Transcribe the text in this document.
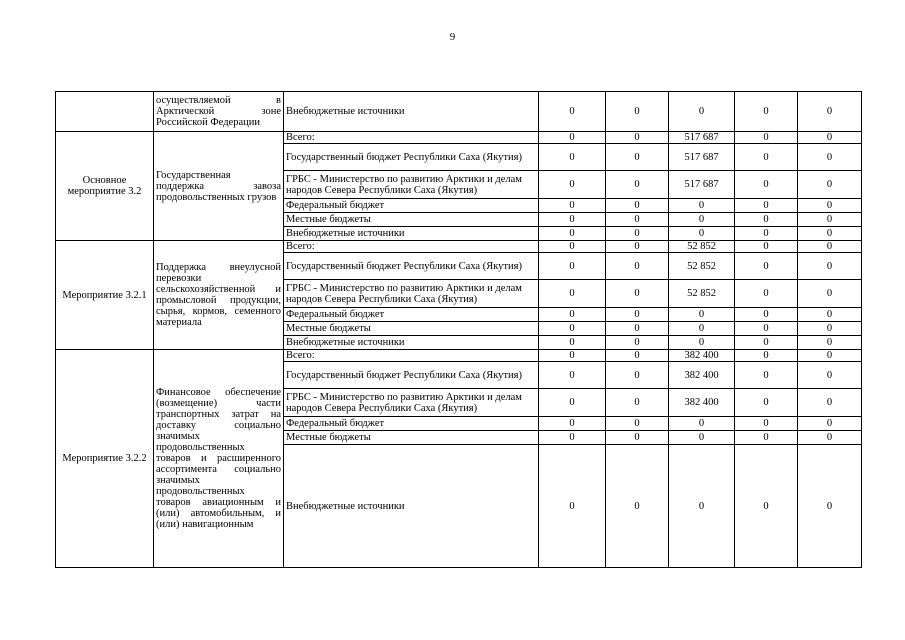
9
	осуществляемой в Арктической зоне Российской Федерации	Внебюджетные источники	0	0	0	0	0
Основное мероприятие 3.2	Государственная поддержка завоза продовольственных грузов	Всего:	0	0	517 687	0	0
		Государственный бюджет Республики Саха (Якутия)	0	0	517 687	0	0
		ГРБС - Министерство по развитию Арктики и делам народов Севера Республики Саха (Якутия)	0	0	517 687	0	0
		Федеральный бюджет	0	0	0	0	0
		Местные бюджеты	0	0	0	0	0
		Внебюджетные источники	0	0	0	0	0
Мероприятие 3.2.1	Поддержка внеулусной перевозки сельскохозяйственной и промысловой продукции, сырья, кормов, семенного материала	Всего:	0	0	52 852	0	0
		Государственный бюджет Республики Саха (Якутия)	0	0	52 852	0	0
		ГРБС - Министерство по развитию Арктики и делам народов Севера Республики Саха (Якутия)	0	0	52 852	0	0
		Федеральный бюджет	0	0	0	0	0
		Местные бюджеты	0	0	0	0	0
		Внебюджетные источники	0	0	0	0	0
Мероприятие 3.2.2	Финансовое обеспечение (возмещение) части транспортных затрат на доставку социально значимых продовольственных товаров и расширенного ассортимента социально значимых продовольственных товаров авиационным и (или) автомобильным, и (или) навигационным	Всего:	0	0	382 400	0	0
		Государственный бюджет Республики Саха (Якутия)	0	0	382 400	0	0
		ГРБС - Министерство по развитию Арктики и делам народов Севера Республики Саха (Якутия)	0	0	382 400	0	0
		Федеральный бюджет	0	0	0	0	0
		Местные бюджеты	0	0	0	0	0
		Внебюджетные источники	0	0	0	0	0
